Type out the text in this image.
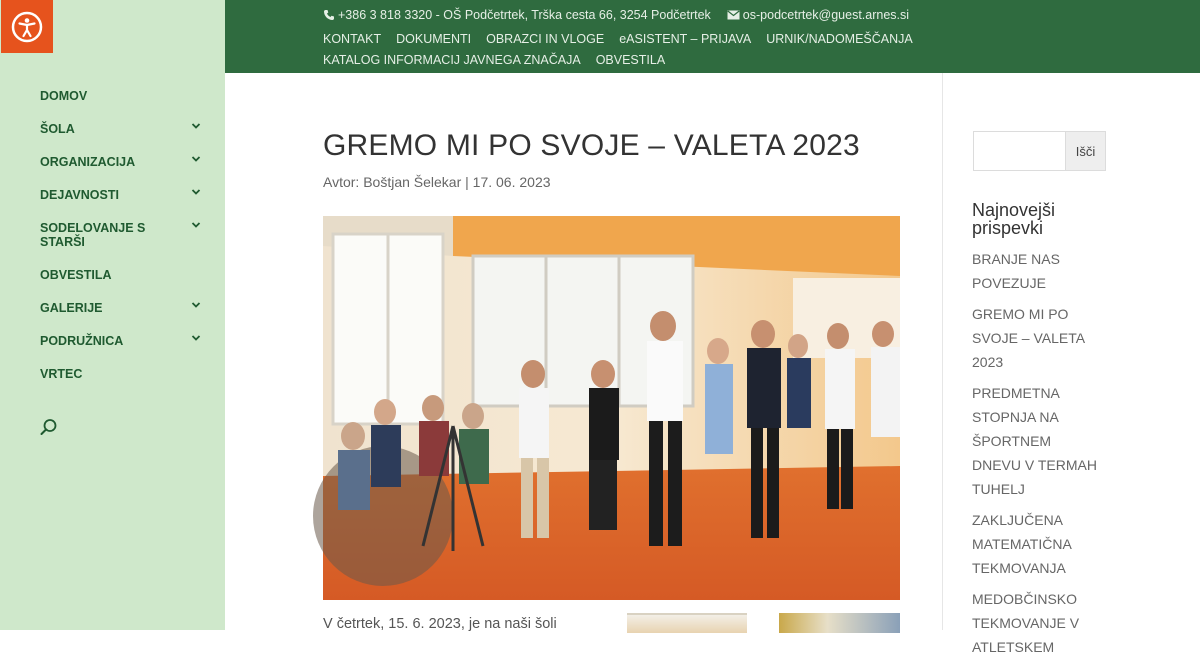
DOMOV
ŠOLA
ORGANIZACIJA
DEJAVNOSTI
SODELOVANJE S STARŠI
OBVESTILA
GALERIJE
PODRUŽNICA
VRTEC
+386 3 818 3320 - OŠ Podčetrtek, Trška cesta 66, 3254 Podčetrtek	os-podcetrtek@guest.arnes.si
KONTAKT DOKUMENTI OBRAZCI IN VLOGE eASISTENT – PRIJAVA URNIK/NADOMEŠČANJA
KATALOG INFORMACIJ JAVNEGA ZNAČAJA OBVESTILA
GREMO MI PO SVOJE – VALETA 2023
Avtor: Boštjan Šelekar | 17. 06. 2023
V četrtek, 15. 6. 2023, je na naši šoli
Išči
Najnovejši prispevki
BRANJE NAS POVEZUJE
GREMO MI PO SVOJE – VALETA 2023
PREDMETNA STOPNJA NA ŠPORTNEM DNEVU V TERMAH TUHELJ
ZAKLJUČENA MATEMATIČNA TEKMOVANJA
MEDOBČINSKO TEKMOVANJE V ATLETSKEM
